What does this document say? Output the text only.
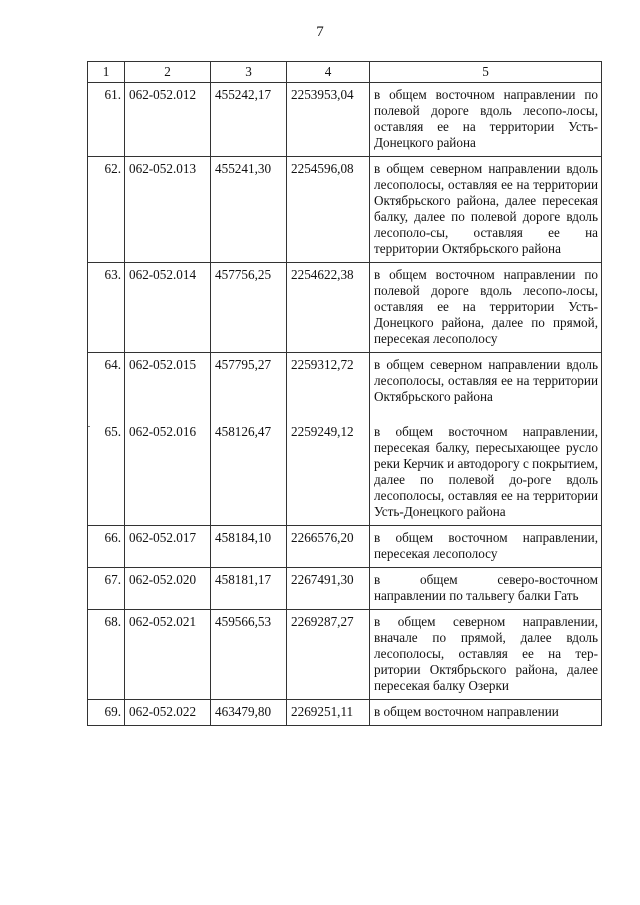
7
1	2	3	4	5
61.	062-052.012	455242,17	2253953,04	в общем восточном направлении по полевой дороге вдоль лесопо-лосы, оставляя ее на территории Усть-Донецкого района
62.	062-052.013	455241,30	2254596,08	в общем северном направлении вдоль лесополосы, оставляя ее на территории Октябрьского района, далее пересекая балку, далее по полевой дороге вдоль лесополо-сы, оставляя ее на территории Октябрьского района
63.	062-052.014	457756,25	2254622,38	в общем восточном направлении по полевой дороге вдоль лесопо-лосы, оставляя ее на территории Усть-Донецкого района, далее по прямой, пересекая лесополосу
64.	062-052.015	457795,27	2259312,72	в общем северном направлении вдоль лесополосы, оставляя ее на территории Октябрьского района
65.	062-052.016	458126,47	2259249,12	в общем восточном направлении, пересекая балку, пересыхающее русло реки Керчик и автодорогу с покрытием, далее по полевой до-роге вдоль лесополосы, оставляя ее на территории Усть-Донецкого района
66.	062-052.017	458184,10	2266576,20	в общем восточном направлении, пересекая лесополосу
67.	062-052.020	458181,17	2267491,30	в общем северо-восточном направлении по тальвегу балки Гать
68.	062-052.021	459566,53	2269287,27	в общем северном направлении, вначале по прямой, далее вдоль лесополосы, оставляя ее на тер-ритории Октябрьского района, далее пересекая балку Озерки
69.	062-052.022	463479,80	2269251,11	в общем восточном направлении
